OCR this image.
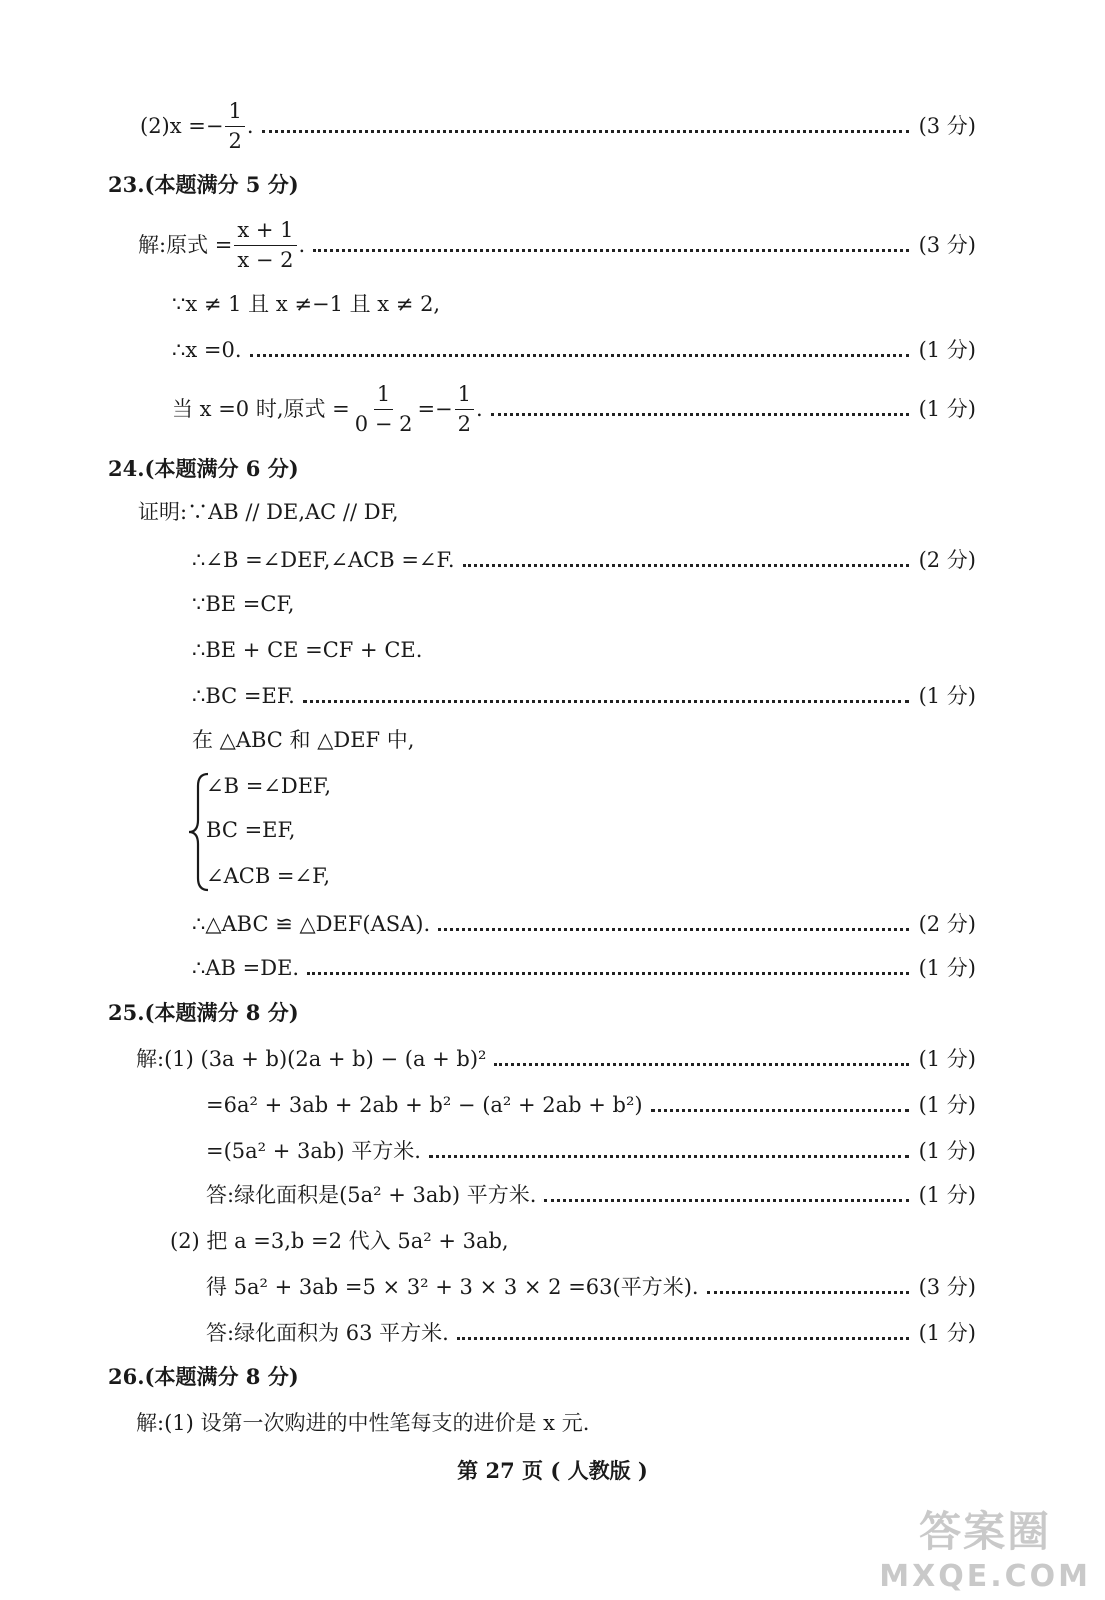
$(2)x =- \frac{1}{2}$ .	(3 分)
23. (本题满分 5 分)
解:原式 = $\frac{x + 1}{x - 2}$ .	(3 分)
∵x ≠ 1 且 x ≠−1 且 x ≠ 2,
∴x =0.	(1 分)
当 x =0 时,原式 = $\frac{1}{0 - 2} =- \frac{1}{2}$ .	(1 分)
24. (本题满分 6 分)
证明:∵AB // DE,AC // DF,
∴∠B =∠DEF,∠ACB =∠F.	(2 分)
∵BE =CF,
∴BE + CE =CF + CE.
∴BC =EF.	(1 分)
在 △ABC 和 △DEF 中,
∠B =∠DEF,
BC =EF,
∠ACB =∠F,
∴△ABC ≌ △DEF(ASA).	(2 分)
∴AB =DE.	(1 分)
25. (本题满分 8 分)
解:(1) (3a + b)(2a + b) − (a + b)²	(1 分)
=6a² + 3ab + 2ab + b² − (a² + 2ab + b²)	(1 分)
=(5a² + 3ab) 平方米.	(1 分)
答:绿化面积是(5a² + 3ab) 平方米.	(1 分)
(2) 把 a =3,b =2 代入 5a² + 3ab,
得 5a² + 3ab =5 × 3² + 3 × 3 × 2 =63(平方米).	(3 分)
答:绿化面积为 63 平方米.	(1 分)
26. (本题满分 8 分)
解:(1) 设第一次购进的中性笔每支的进价是 x 元.
第 27 页 ( 人教版 )
答案圈
MXQE.COM
